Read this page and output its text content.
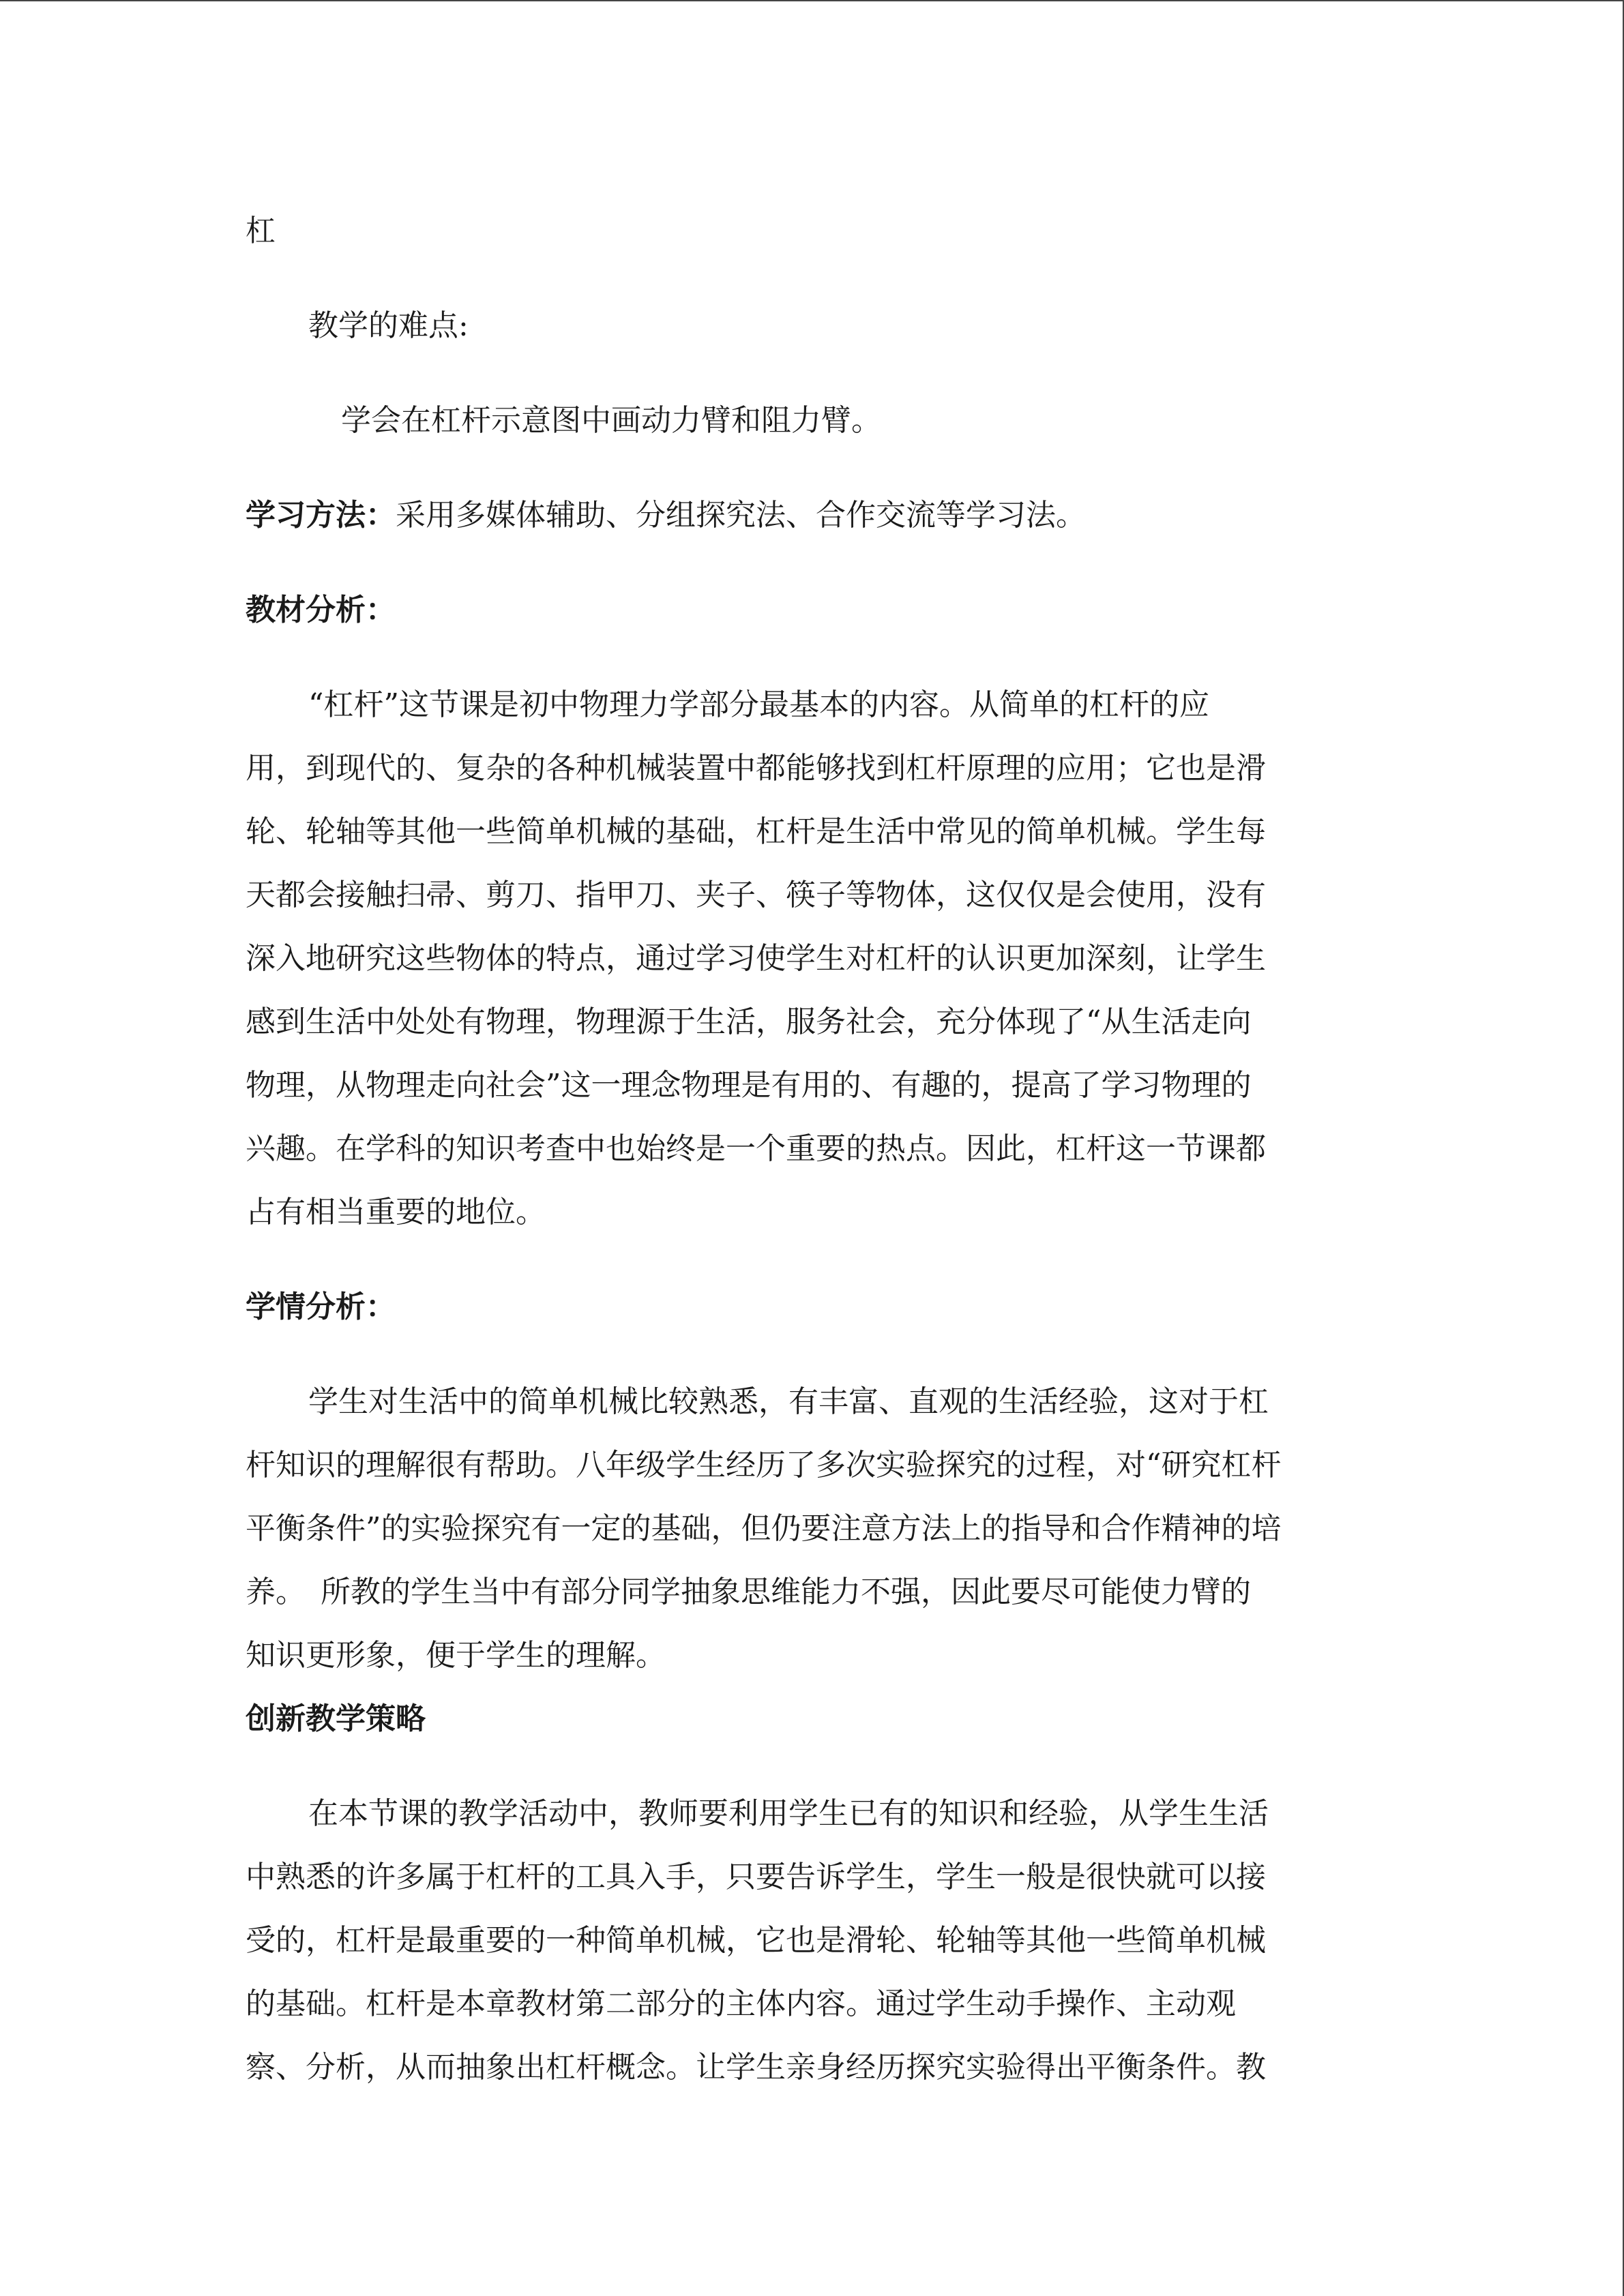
杠

教学的难点:

学会在杠杆示意图中画动力臂和阻力臂。

学习方法：采用多媒体辅助、分组探究法、合作交流等学习法。

教材分析：

“杠杆”这节课是初中物理力学部分最基本的内容。从简单的杠杆的应

用，到现代的、复杂的各种机械装置中都能够找到杠杆原理的应用；它也是滑

轮、轮轴等其他一些简单机械的基础，杠杆是生活中常见的简单机械。学生每

天都会接触扫帚、剪刀、指甲刀、夹子、筷子等物体，这仅仅是会使用，没有

深入地研究这些物体的特点，通过学习使学生对杠杆的认识更加深刻，让学生

感到生活中处处有物理，物理源于生活，服务社会，充分体现了“从生活走向

物理，从物理走向社会”这一理念物理是有用的、有趣的，提高了学习物理的

兴趣。在学科的知识考查中也始终是一个重要的热点。因此，杠杆这一节课都

占有相当重要的地位。

学情分析：

学生对生活中的简单机械比较熟悉，有丰富、直观的生活经验，这对于杠

杆知识的理解很有帮助。八年级学生经历了多次实验探究的过程，对“研究杠杆

平衡条件”的实验探究有一定的基础，但仍要注意方法上的指导和合作精神的培

养。　所教的学生当中有部分同学抽象思维能力不强，因此要尽可能使力臂的

知识更形象，便于学生的理解。

创新教学策略

在本节课的教学活动中，教师要利用学生已有的知识和经验，从学生生活

中熟悉的许多属于杠杆的工具入手，只要告诉学生，学生一般是很快就可以接

受的，杠杆是最重要的一种简单机械，它也是滑轮、轮轴等其他一些简单机械

的基础。杠杆是本章教材第二部分的主体内容。通过学生动手操作、主动观

察、分析，从而抽象出杠杆概念。让学生亲身经历探究实验得出平衡条件。教
